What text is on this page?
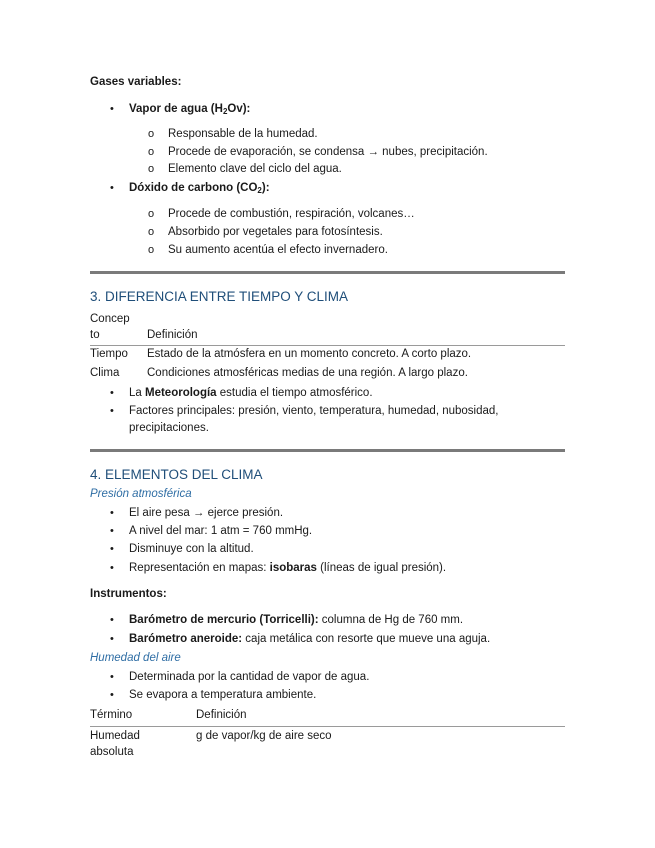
Gases variables:
• Vapor de agua $(H_2Ov)$:
o Responsable de la humedad.
o Procede de evaporación, se condensa → nubes, precipitación.
o Elemento clave del ciclo del agua.
• Dóxido de carbono $(CO_2)$:
o Procede de combustión, respiración, volcanes…
o Absorbido por vegetales para fotosíntesis.
o Su aumento acentúa el efecto invernadero.
3. DIFERENCIA ENTRE TIEMPO Y CLIMA
Concep
to	Definición
Tiempo Estado de la atmósfera en un momento concreto. A corto plazo.
Clima Condiciones atmosféricas medias de una región. A largo plazo.
• La Meteorología estudia el tiempo atmosférico.
• Factores principales: presión, viento, temperatura, humedad, nubosidad,
precipitaciones.
4. ELEMENTOS DEL CLIMA
Presión atmosférica
• El aire pesa → ejerce presión.
• A nivel del mar: 1 atm = 760 mmHg.
• Disminuye con la altitud.
• Representación en mapas: isobaras (líneas de igual presión).
Instrumentos:
• Barómetro de mercurio (Torricelli): columna de Hg de 760 mm.
• Barómetro aneroide: caja metálica con resorte que mueve una aguja.
Humedad del aire
• Determinada por la cantidad de vapor de agua.
• Se evapora a temperatura ambiente.
Término	Definición
Humedad
absoluta
g de vapor/kg de aire seco
